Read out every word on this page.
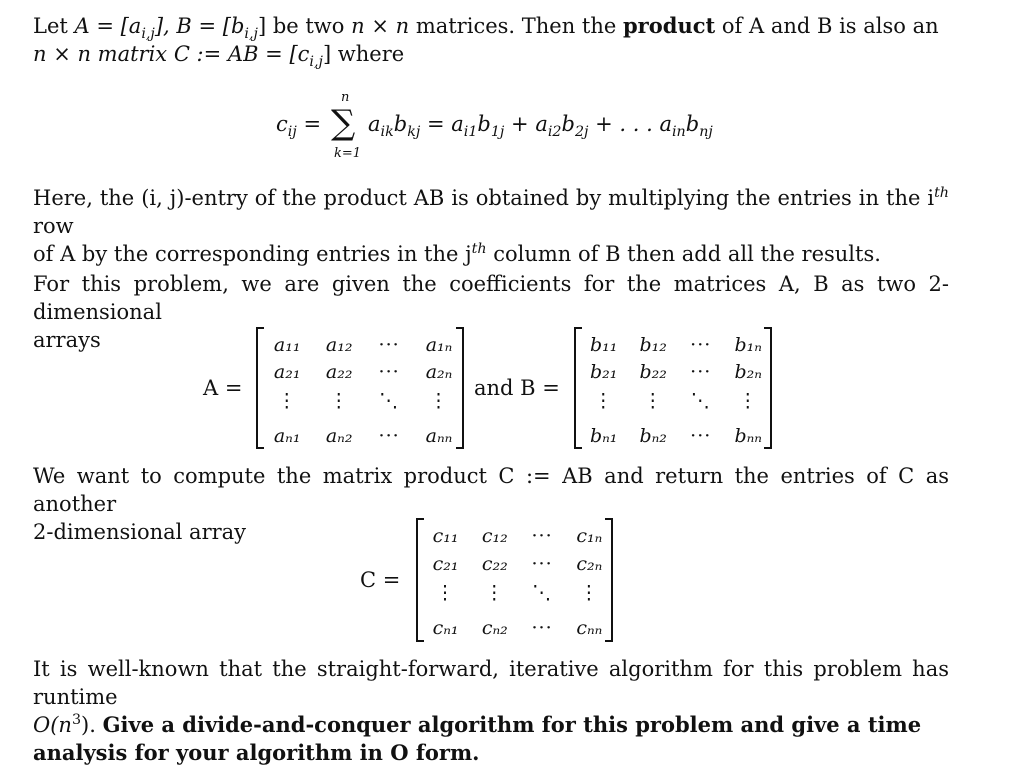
Let $A = [a_{i,j}]$, $B = [b_{i,j}]$ be two n × n matrices. Then the product of A and B is also an

n × n matrix C := AB = $[c_{i,j}]$ where

n
∑
k=1
$c_{ij} = a_{ik}b_{kj} = a_{i1}b_{1j} + a_{i2}b_{2j}$ + . . . $a_{in}b_{nj}$

Here, the (i, j)-entry of the product AB is obtained by multiplying the entries in the $i^{th}$ row

of A by the corresponding entries in the $j^{th}$ column of B then add all the results.

For this problem, we are given the coefficients for the matrices A, B as two 2-dimensional

arrays

A =
a₁₁	a₁₂	···	a₁ₙ
a₂₁	a₂₂	···	a₂ₙ
⋮	⋮	⋱	⋮
aₙ₁	aₙ₂	···	aₙₙ
and B =
b₁₁	b₁₂	···	b₁ₙ
b₂₁	b₂₂	···	b₂ₙ
⋮	⋮	⋱	⋮
bₙ₁	bₙ₂	···	bₙₙ

We want to compute the matrix product C := AB and return the entries of C as another

2-dimensional array

C =
c₁₁	c₁₂	···	c₁ₙ
c₂₁	c₂₂	···	c₂ₙ
⋮	⋮	⋱	⋮
cₙ₁	cₙ₂	···	cₙₙ

It is well-known that the straight-forward, iterative algorithm for this problem has runtime

$O(n^3)$. Give a divide-and-conquer algorithm for this problem and give a time

analysis for your algorithm in O form.
